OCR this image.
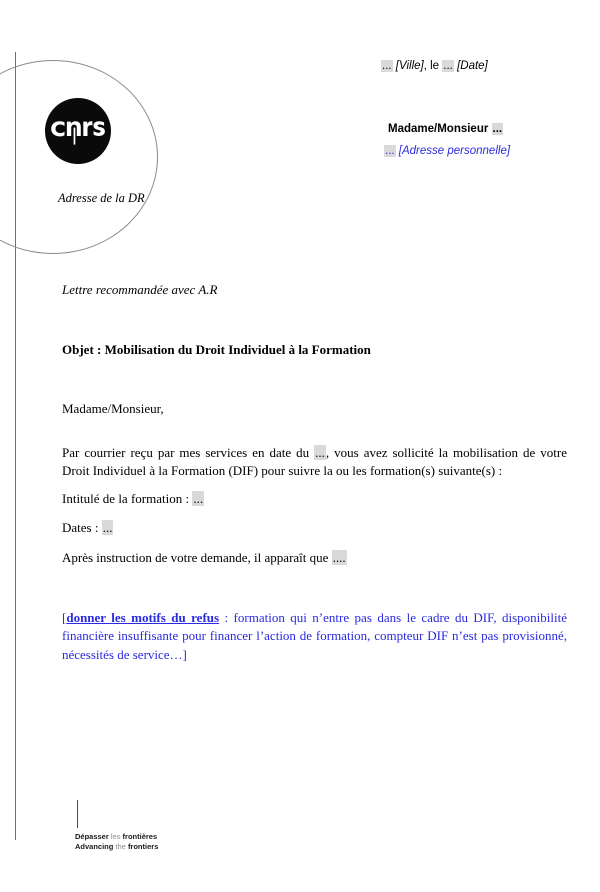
Adresse de la DR
... [Ville], le ... [Date]
Madame/Monsieur ...
... [Adresse personnelle]
Lettre recommandée avec A.R
Objet : Mobilisation du Droit Individuel à la Formation
Madame/Monsieur,
Par courrier reçu par mes services en date du ..., vous avez sollicité la mobilisation de votre Droit Individuel à la Formation (DIF) pour suivre la ou les formation(s) suivante(s) :
Intitulé de la formation : ...
Dates : ...
Après instruction de votre demande, il apparaît que ....
[donner les motifs du refus : formation qui n’entre pas dans le cadre du DIF, disponibilité financière insuffisante pour financer l’action de formation, compteur DIF n’est pas provisionné, nécessités de service…]
Dépasser les frontières
Advancing the frontiers
